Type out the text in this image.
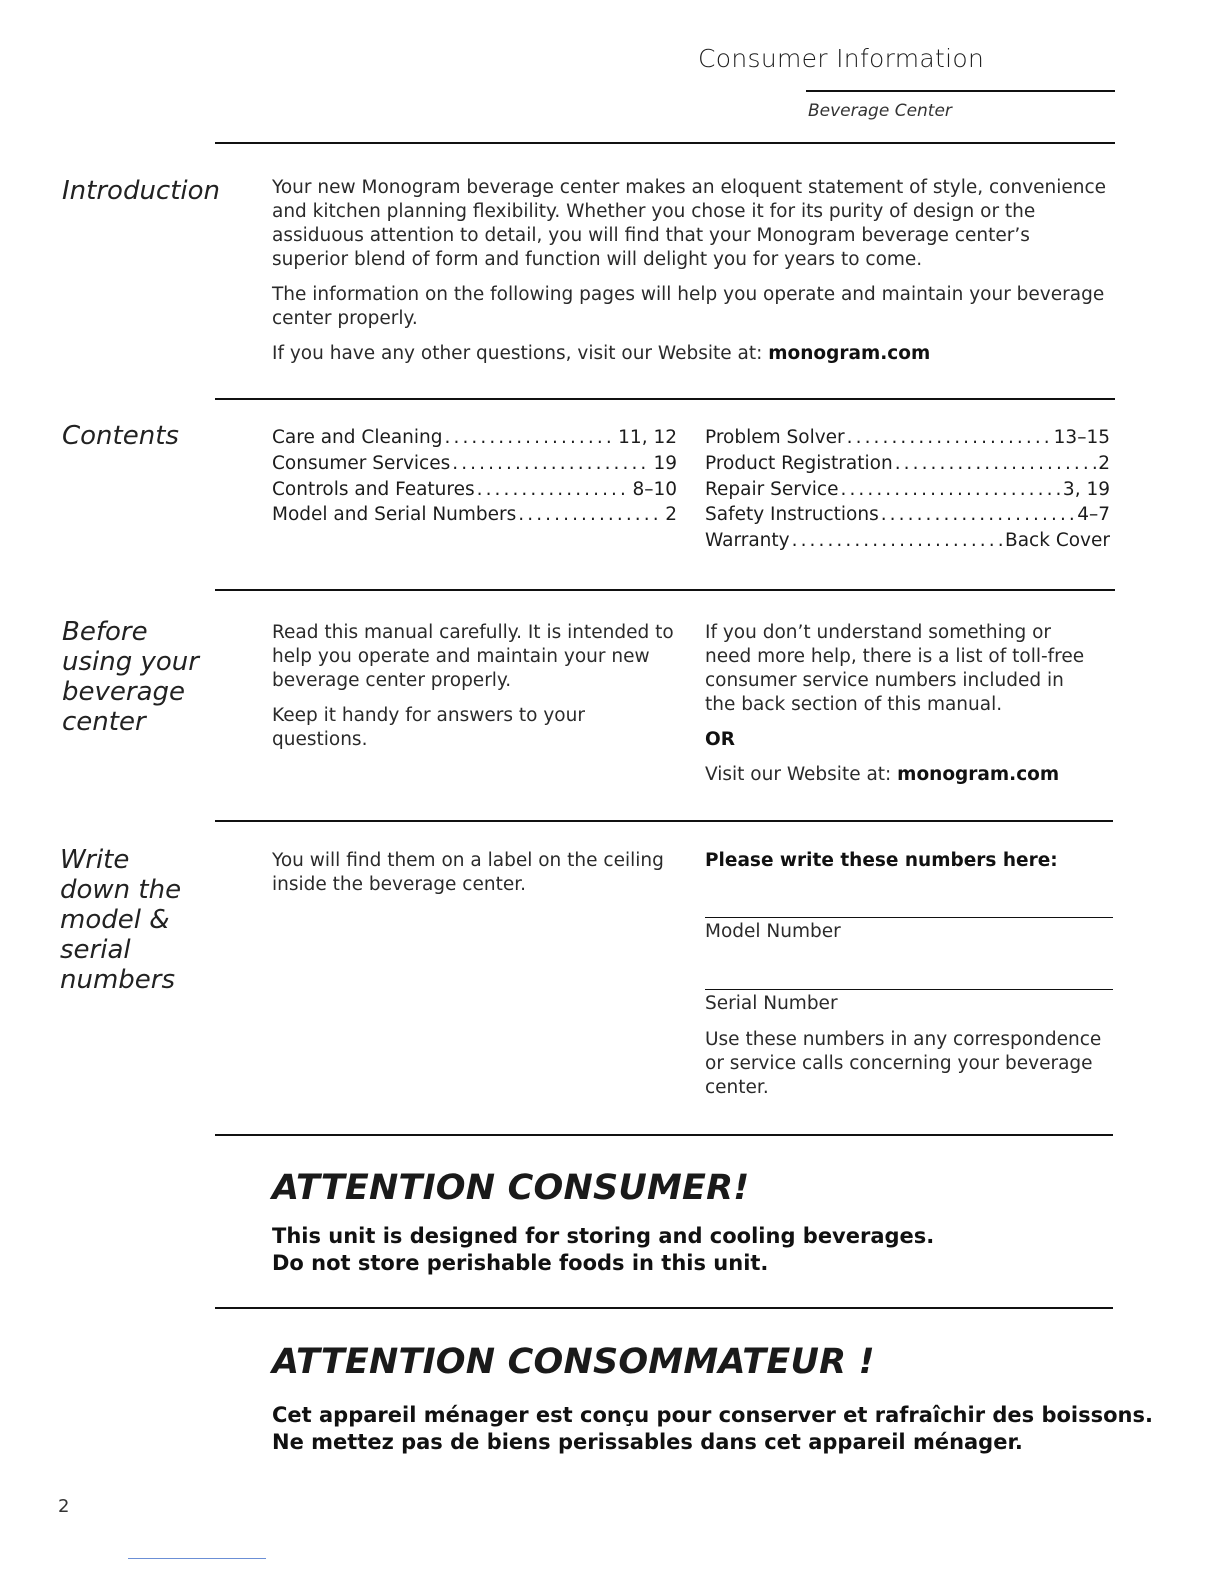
Consumer Information
Beverage Center
Introduction	Your new Monogram beverage center makes an eloquent statement of style, convenience and kitchen planning flexibility. Whether you chose it for its purity of design or the assiduous attention to detail, you will find that your Monogram beverage center’s superior blend of form and function will delight you for years to come.

The information on the following pages will help you operate and maintain your beverage center properly.

If you have any other questions, visit our Website at: monogram.com

Contents	Care and Cleaning . . .	11, 12
Consumer Services . . .	19
Controls and Features . . .	8–10
Model and Serial Numbers . . .	2
Problem Solver . . .	13–15
Product Registration . . .	2
Repair Service . . .	3, 19
Safety Instructions . . .	4–7
Warranty . . .	Back Cover
Before
using your
beverage
center

Read this manual carefully. It is intended to help you operate and maintain your new beverage center properly.

Keep it handy for answers to your questions.

If you don’t understand something or need more help, there is a list of toll-free consumer service numbers included in the back section of this manual.

OR

Visit our Website at: monogram.com

Write
down the
model &
serial
numbers

You will find them on a label on the ceiling inside the beverage center.

Please write these numbers here:
Model Number
Serial Number
Use these numbers in any correspondence or service calls concerning your beverage center.
ATTENTION CONSUMER!
This unit is designed for storing and cooling beverages.
Do not store perishable foods in this unit.
ATTENTION CONSOMMATEUR !
Cet appareil ménager est conçu pour conserver et rafraîchir des boissons.
Ne mettez pas de biens perissables dans cet appareil ménager.
2
